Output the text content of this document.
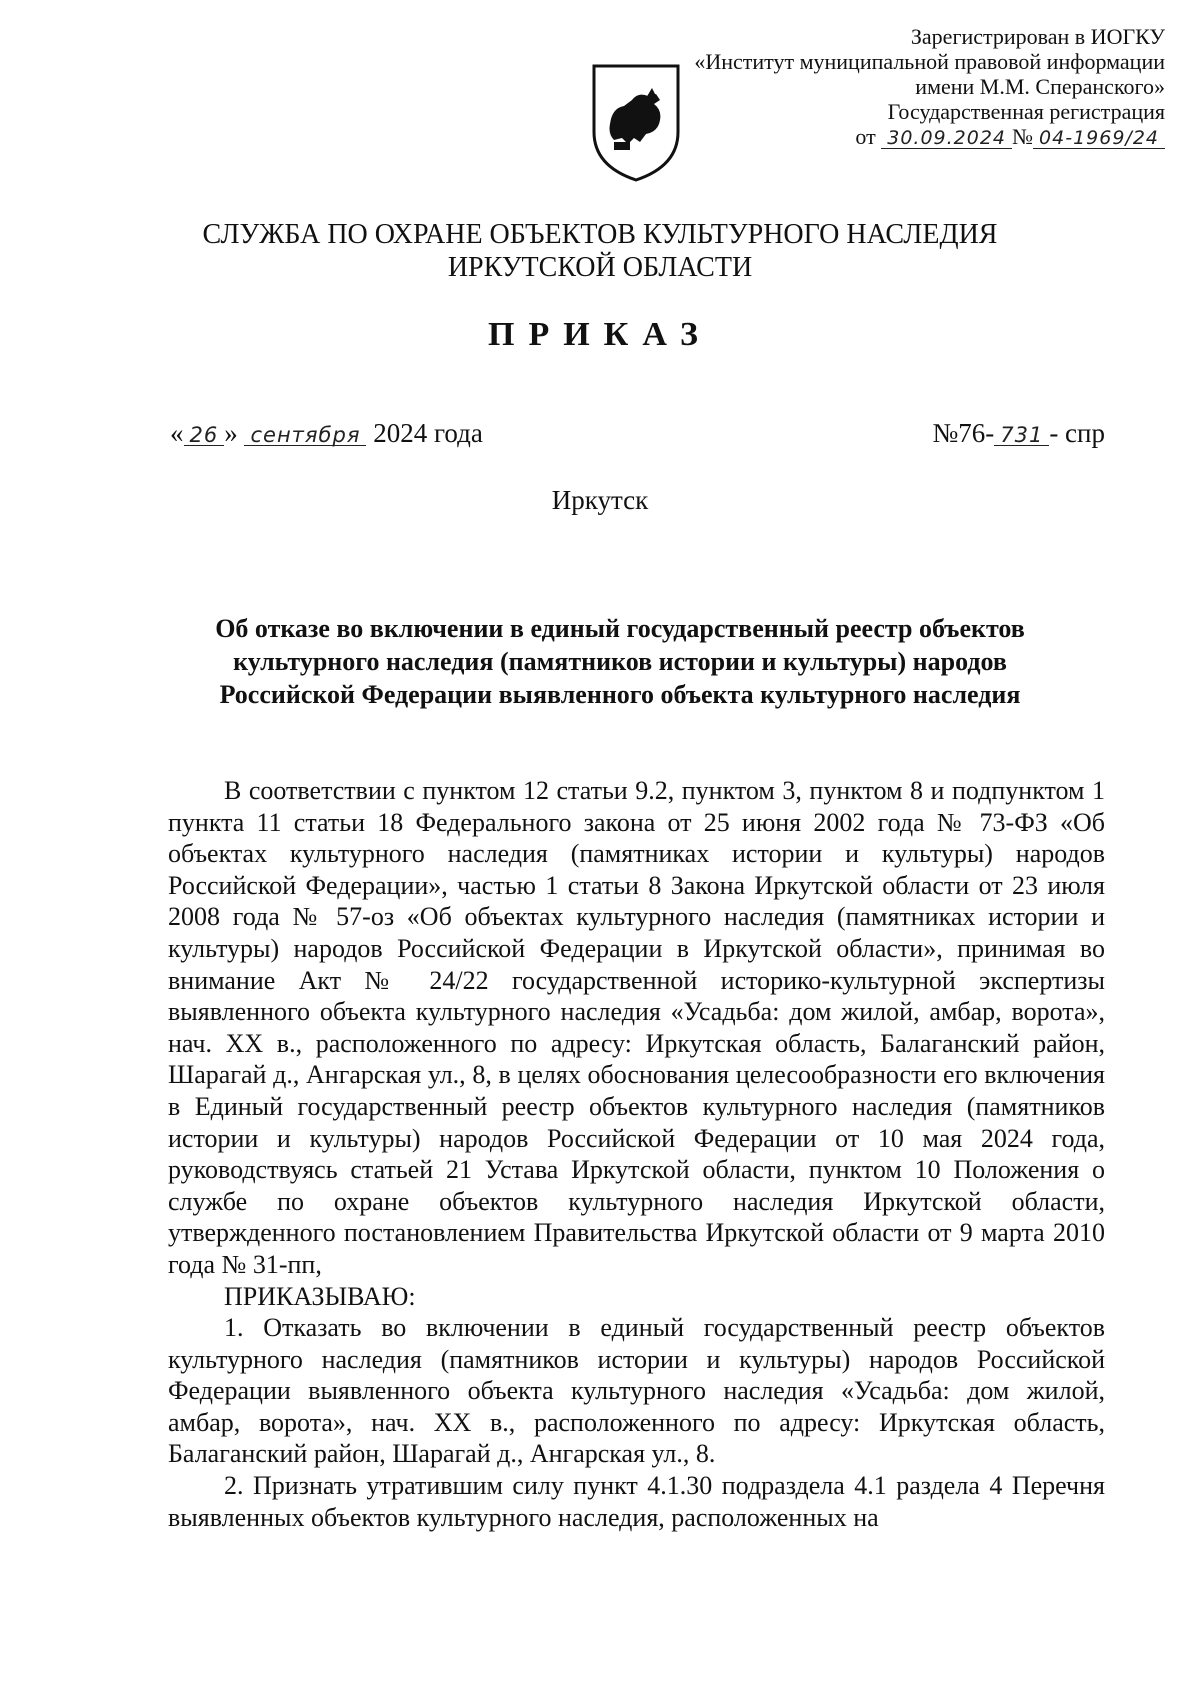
Зарегистрирован в ИОГКУ
«Институт муниципальной правовой информации
имени М.М. Сперанского»
Государственная регистрация
от 30.09.2024 № 04-1969/24
СЛУЖБА ПО ОХРАНЕ ОБЪЕКТОВ КУЛЬТУРНОГО НАСЛЕДИЯ
ИРКУТСКОЙ ОБЛАСТИ
ПРИКАЗ
« 26 » сентября 2024 года	№76- 731 - спр
Иркутск
Об отказе во включении в единый государственный реестр объектов
культурного наследия (памятников истории и культуры) народов
Российской Федерации выявленного объекта культурного наследия

В соответствии с пунктом 12 статьи 9.2, пунктом 3, пунктом 8 и подпунктом 1 пункта 11 статьи 18 Федерального закона от 25 июня 2002 года № 73-ФЗ «Об объектах культурного наследия (памятниках истории и культуры) народов Российской Федерации», частью 1 статьи 8 Закона Иркутской области от 23 июля 2008 года № 57-оз «Об объектах культурного наследия (памятниках истории и культуры) народов Российской Федерации в Иркутской области», принимая во внимание Акт № 24/22 государственной историко-культурной экспертизы выявленного объекта культурного наследия «Усадьба: дом жилой, амбар, ворота», нач. XX в., расположенного по адресу: Иркутская область, Балаганский район, Шарагай д., Ангарская ул., 8, в целях обоснования целесообразности его включения в Единый государственный реестр объектов культурного наследия (памятников истории и культуры) народов Российской Федерации от 10 мая 2024 года, руководствуясь статьей 21 Устава Иркутской области, пунктом 10 Положения о службе по охране объектов культурного наследия Иркутской области, утвержденного постановлением Правительства Иркутской области от 9 марта 2010 года № 31-пп,

ПРИКАЗЫВАЮ:

1. Отказать во включении в единый государственный реестр объектов культурного наследия (памятников истории и культуры) народов Российской Федерации выявленного объекта культурного наследия «Усадьба: дом жилой, амбар, ворота», нач. XX в., расположенного по адресу: Иркутская область, Балаганский район, Шарагай д., Ангарская ул., 8.

2. Признать утратившим силу пункт 4.1.30 подраздела 4.1 раздела 4 Перечня выявленных объектов культурного наследия, расположенных на
